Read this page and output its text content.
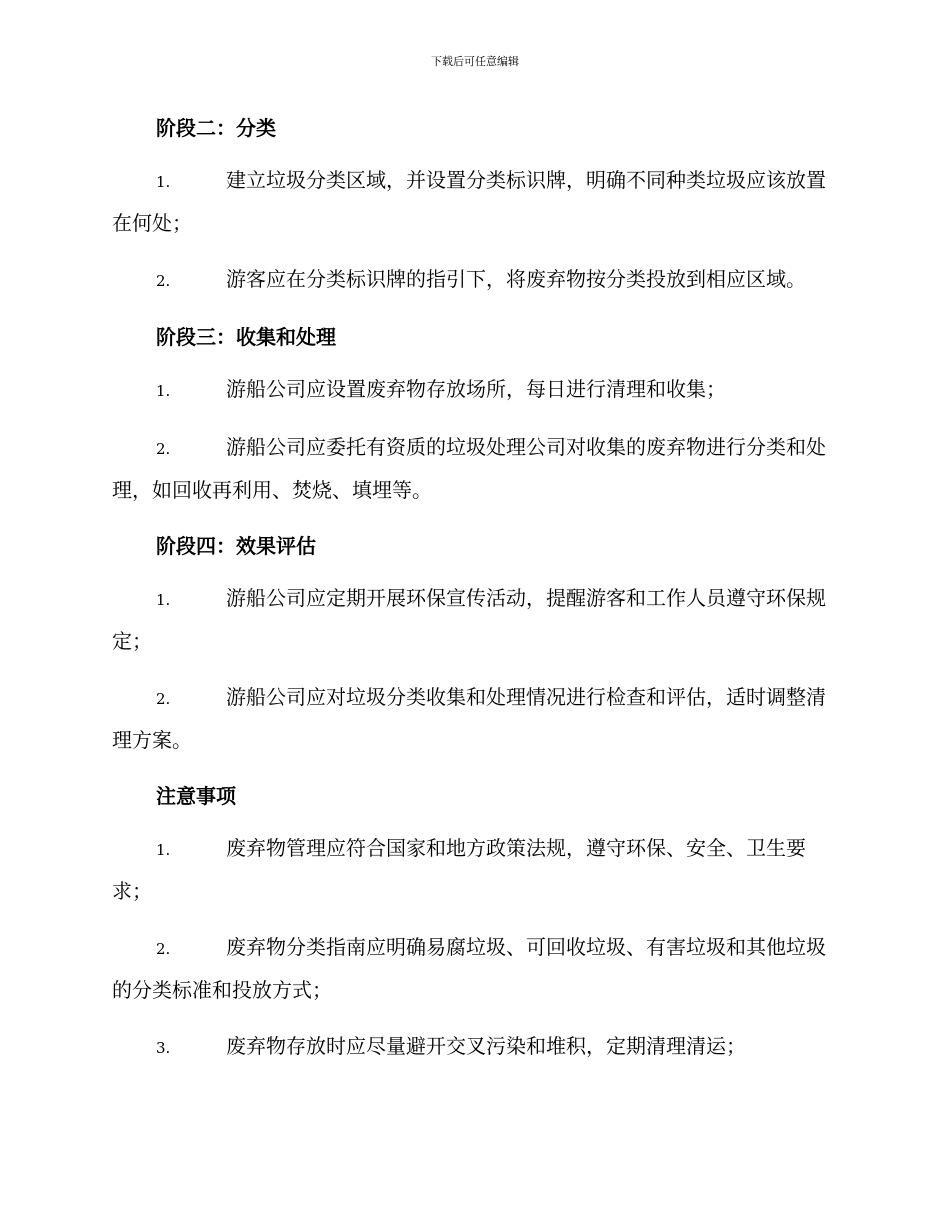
下载后可任意编辑
阶段二：分类

1.	建立垃圾分类区域，并设置分类标识牌，明确不同种类垃圾应该放置在何处；

2.	游客应在分类标识牌的指引下，将废弃物按分类投放到相应区域。

阶段三：收集和处理

1.	游船公司应设置废弃物存放场所，每日进行清理和收集；

2.	游船公司应委托有资质的垃圾处理公司对收集的废弃物进行分类和处理，如回收再利用、焚烧、填埋等。

阶段四：效果评估

1.	游船公司应定期开展环保宣传活动，提醒游客和工作人员遵守环保规定；

2.	游船公司应对垃圾分类收集和处理情况进行检查和评估，适时调整清理方案。

注意事项

1.	废弃物管理应符合国家和地方政策法规，遵守环保、安全、卫生要求；

2.	废弃物分类指南应明确易腐垃圾、可回收垃圾、有害垃圾和其他垃圾的分类标准和投放方式；

3.	废弃物存放时应尽量避开交叉污染和堆积，定期清理清运；
